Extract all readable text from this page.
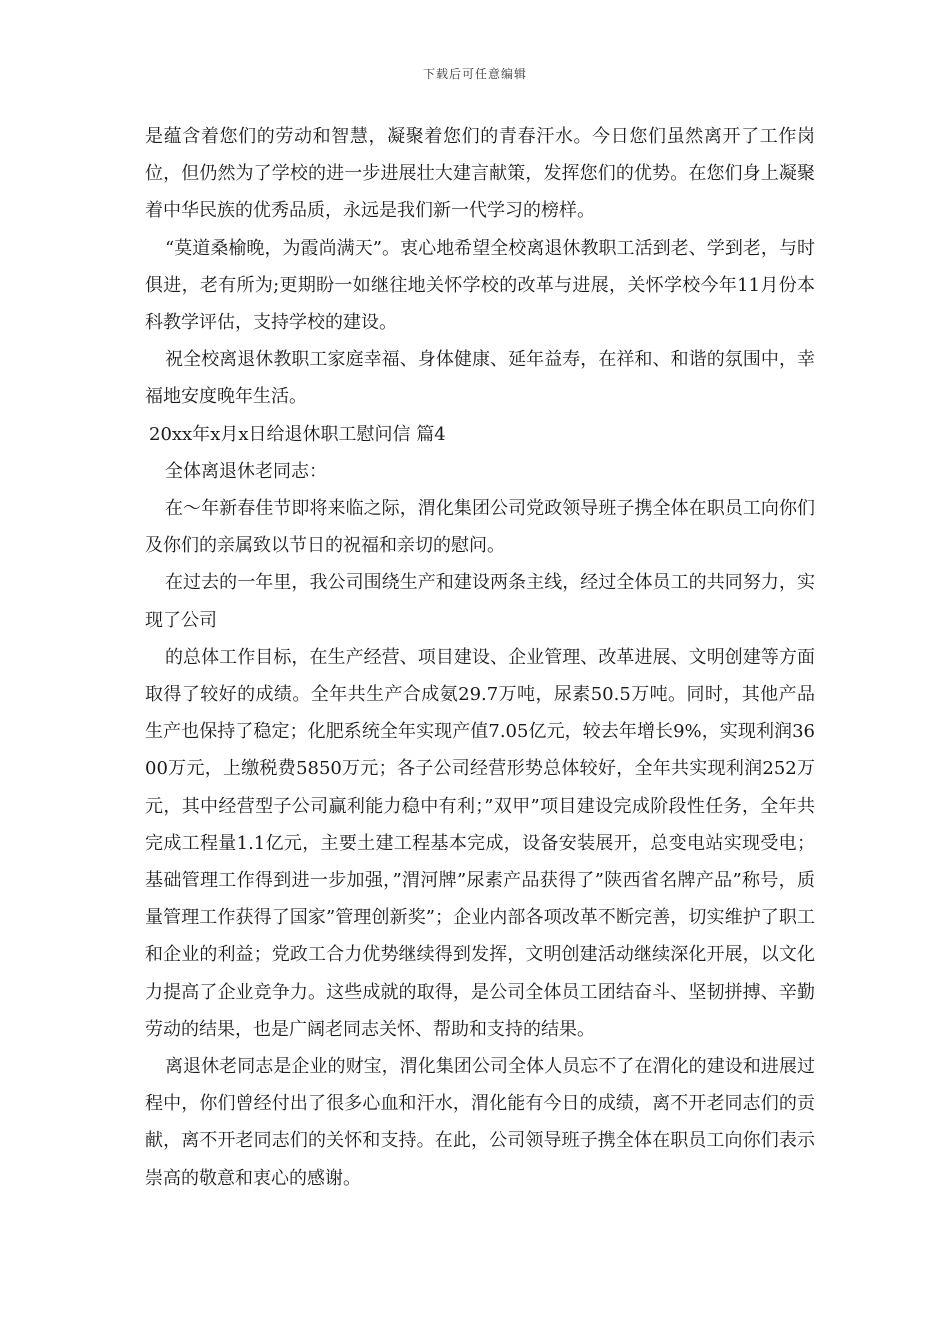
下载后可任意编辑

是蕴含着您们的劳动和智慧，凝聚着您们的青春汗水。今日您们虽然离开了工作岗位，但仍然为了学校的进一步进展壮大建言献策，发挥您们的优势。在您们身上凝聚着中华民族的优秀品质，永远是我们新一代学习的榜样。

“莫道桑榆晚，为霞尚满天”。衷心地希望全校离退休教职工活到老、学到老，与时俱进，老有所为;更期盼一如继往地关怀学校的改革与进展，关怀学校今年11月份本科教学评估，支持学校的建设。

祝全校离退休教职工家庭幸福、身体健康、延年益寿，在祥和、和谐的氛围中，幸福地安度晚年生活。

20xx年x月x日给退休职工慰问信 篇4

全体离退休老同志：

在～年新春佳节即将来临之际，渭化集团公司党政领导班子携全体在职员工向你们及你们的亲属致以节日的祝福和亲切的慰问。

在过去的一年里，我公司围绕生产和建设两条主线，经过全体员工的共同努力，实现了公司

的总体工作目标，在生产经营、项目建设、企业管理、改革进展、文明创建等方面取得了较好的成绩。全年共生产合成氨29.7万吨，尿素50.5万吨。同时，其他产品生产也保持了稳定；化肥系统全年实现产值7.05亿元，较去年增长9%，实现利润3600万元，上缴税费5850万元；各子公司经营形势总体较好，全年共实现利润252万元，其中经营型子公司赢利能力稳中有利；”双甲”项目建设完成阶段性任务，全年共完成工程量1.1亿元，主要土建工程基本完成，设备安装展开，总变电站实现受电；基础管理工作得到进一步加强，”渭河牌”尿素产品获得了”陕西省名牌产品”称号，质量管理工作获得了国家”管理创新奖”；企业内部各项改革不断完善，切实维护了职工和企业的利益；党政工合力优势继续得到发挥，文明创建活动继续深化开展，以文化力提高了企业竞争力。这些成就的取得，是公司全体员工团结奋斗、坚韧拼搏、辛勤劳动的结果，也是广阔老同志关怀、帮助和支持的结果。

离退休老同志是企业的财宝，渭化集团公司全体人员忘不了在渭化的建设和进展过程中，你们曾经付出了很多心血和汗水，渭化能有今日的成绩，离不开老同志们的贡献，离不开老同志们的关怀和支持。在此，公司领导班子携全体在职员工向你们表示崇高的敬意和衷心的感谢。
